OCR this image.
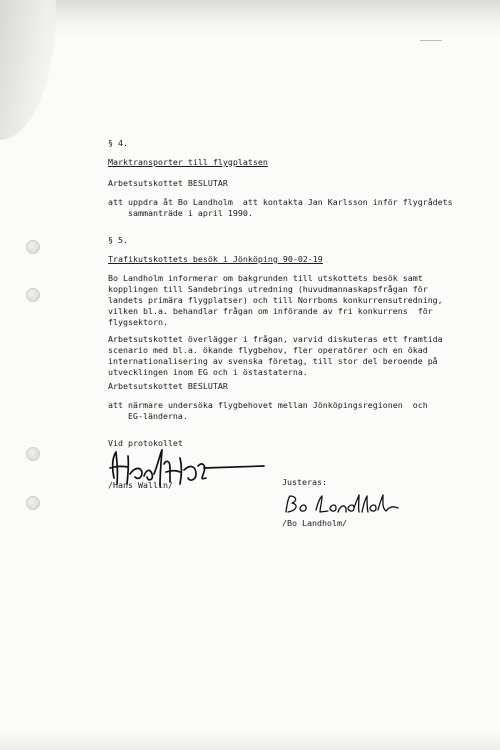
§ 4.

Marktransporter till flygplatsen

Arbetsutskottet BESLUTAR

att uppdra åt Bo Landholm  att kontakta Jan Karlsson inför flygrådets

sammanträde i april 1990.

§ 5.

Trafikutskottets besök i Jönköping 90-02-19

Bo Landholm informerar om bakgrunden till utskottets besök samt

kopplingen till Sandebrings utredning (huvudmannaskapsfrågan för

landets primära flygplatser) och till Norrboms konkurrensutredning,

vilken bl.a. behandlar frågan om införande av fri konkurrens  för

flygsektorn.

Arbetsutskottet överlägger i frågan, varvid diskuteras ett framtida

scenario med bl.a. ökande flygbehov, fler operatörer och en ökad

internationalisering av svenska företag, till stor del beroende på

utvecklingen inom EG och i östastaterna.

Arbetsutskottet BESLUTAR

att närmare undersöka flygbehovet mellan Jönköpingsregionen  och

EG-länderna.

Vid protokollet

/Hans Wallin/	Justeras:

/Bo Landholm/
